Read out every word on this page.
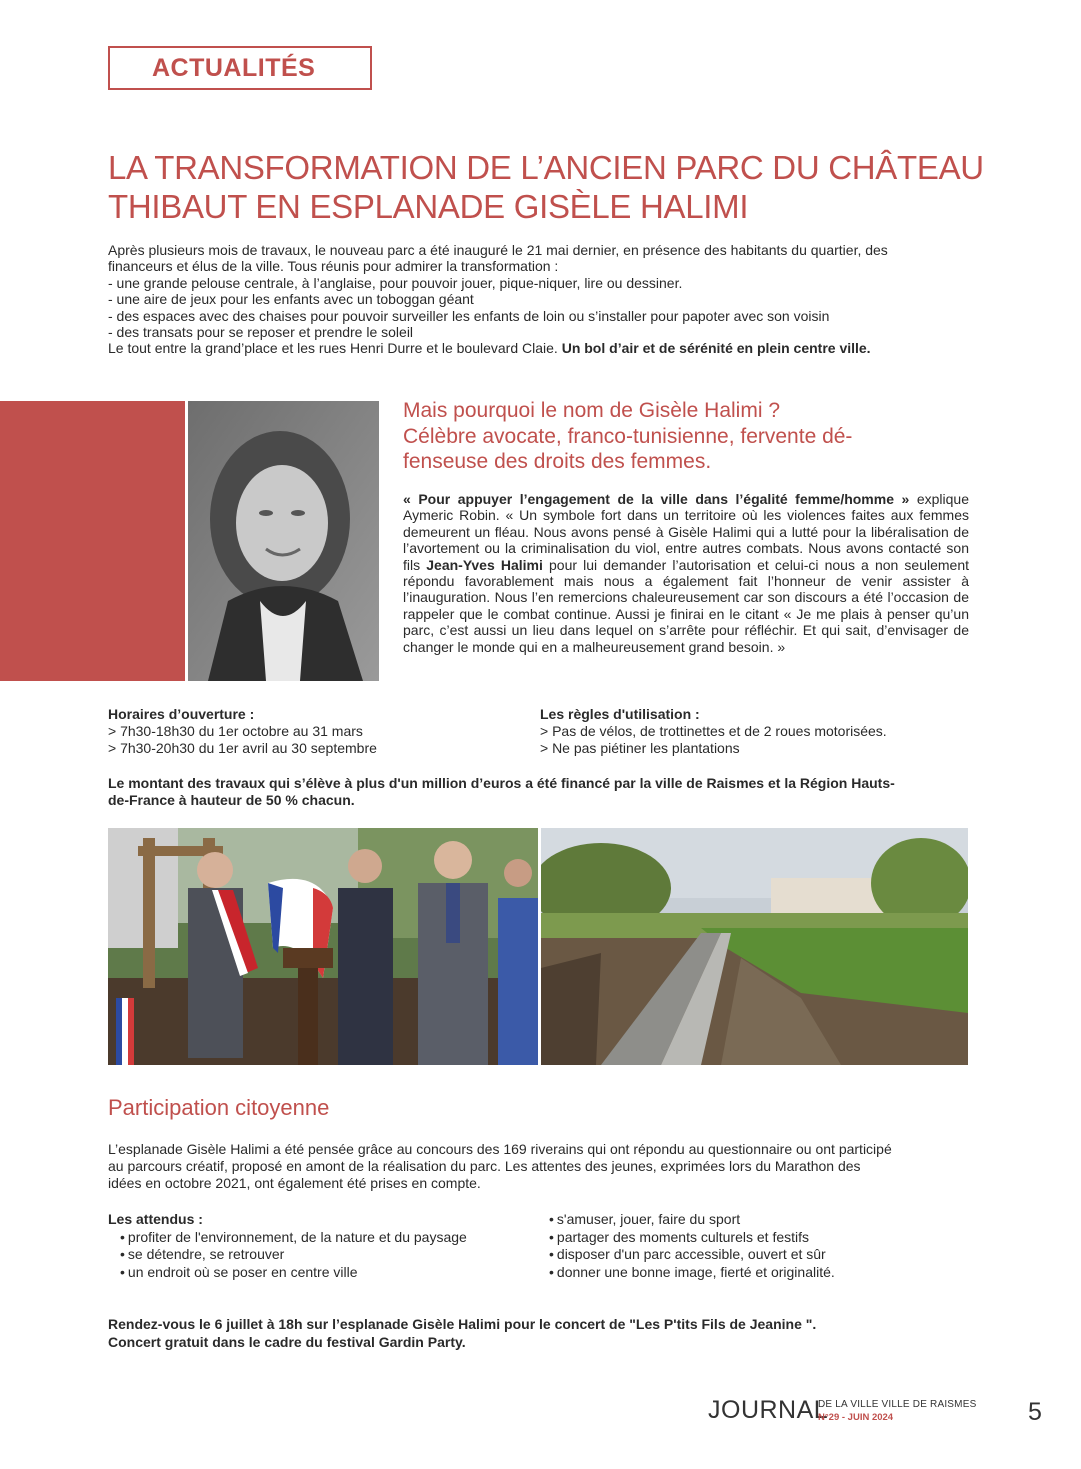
ACTUALITÉS
LA TRANSFORMATION DE L’ANCIEN PARC DU CHÂTEAU
THIBAUT EN ESPLANADE GISÈLE HALIMI
Après plusieurs mois de travaux, le nouveau parc a été inauguré le 21 mai dernier, en présence des habitants du quartier, des
financeurs et élus de la ville. Tous réunis pour admirer la transformation :
- une grande pelouse centrale, à l’anglaise, pour pouvoir jouer, pique-niquer, lire ou dessiner.
- une aire de jeux pour les enfants avec un toboggan géant
- des espaces avec des chaises pour pouvoir surveiller les enfants de loin ou s’installer pour papoter avec son voisin
- des transats pour se reposer et prendre le soleil
Le tout entre la grand’place et les rues Henri Durre et le boulevard Claie. Un bol d’air et de sérénité en plein centre ville.
Mais pourquoi le nom de Gisèle Halimi ?
Célèbre avocate, franco-tunisienne, fervente dé-
fenseuse des droits des femmes.
« Pour appuyer l’engagement de la ville dans l’égalité femme/homme » explique Aymeric Robin. « Un symbole fort dans un territoire où les violences faites aux femmes demeurent un fléau. Nous avons pensé à Gisèle Halimi qui a lutté pour la libéralisation de l’avortement ou la criminalisation du viol, entre autres combats. Nous avons contacté son fils Jean-Yves Halimi pour lui demander l’autorisation et celui-ci nous a non seulement répondu favorablement mais nous a également fait l’honneur de venir assister à l’inauguration. Nous l’en remercions chaleureusement car son discours a été l’occasion de rappeler que le combat continue. Aussi je finirai en le citant « Je me plais à penser qu’un parc, c’est aussi un lieu dans lequel on s’arrête pour réfléchir. Et qui sait, d’envisager de changer le monde qui en a malheureusement grand besoin. »
Horaires d’ouverture :
> 7h30-18h30 du 1er octobre au 31 mars
> 7h30-20h30 du 1er avril au 30 septembre
Les règles d'utilisation :
> Pas de vélos, de trottinettes et de 2 roues motorisées.
> Ne pas piétiner les plantations
Le montant des travaux qui s’élève à plus d'un million d’euros a été financé par la ville de Raismes et la Région Hauts-
de-France à hauteur de 50 % chacun.
Participation citoyenne
L’esplanade Gisèle Halimi a été pensée grâce au concours des 169 riverains qui ont répondu au questionnaire ou ont participé
au parcours créatif, proposé en amont de la réalisation du parc. Les attentes des jeunes, exprimées lors du Marathon des
idées en octobre 2021, ont également été prises en compte.
Les attendus :
• profiter de l'environnement, de la nature et du paysage
• se détendre, se retrouver
• un endroit où se poser en centre ville
• s'amuser, jouer, faire du sport
• partager des moments culturels et festifs
• disposer d'un parc accessible, ouvert et sûr
• donner une bonne image, fierté et originalité.
Rendez-vous le 6 juillet à 18h sur l’esplanade Gisèle Halimi pour le concert de "Les P'tits Fils de Jeanine ".
Concert gratuit dans le cadre du festival Gardin Party.
JOURNAL
DE LA VILLE VILLE DE RAISMES
N°29 - JUIN 2024	5
